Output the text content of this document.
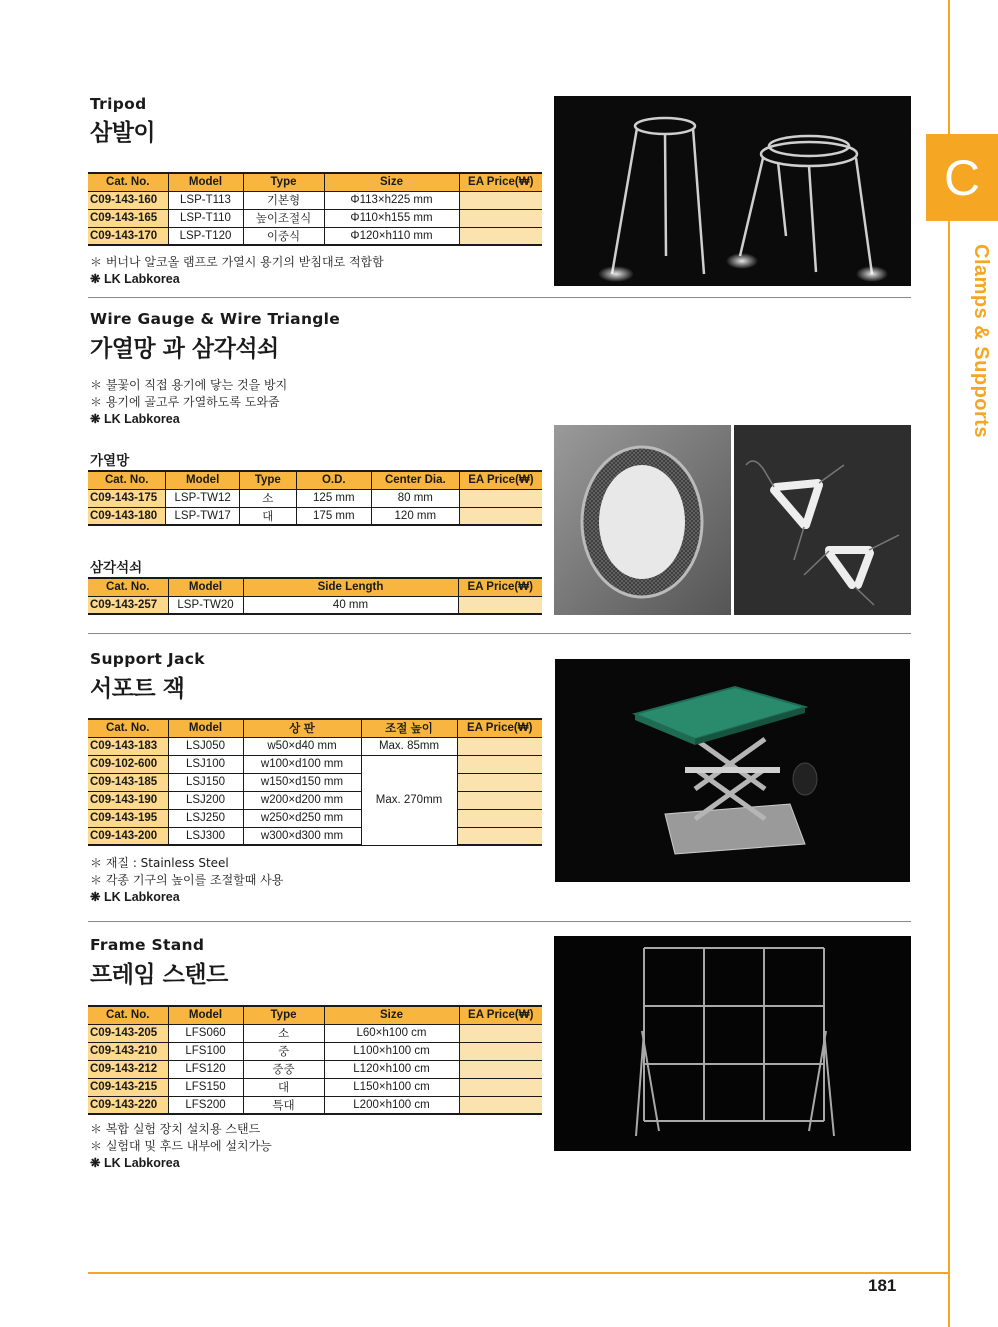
C
Clamps & Supports
Tripod
삼발이
Cat. No.	Model	Type	Size	EA Price(₩)
C09-143-160	LSP-T113	기본형	Φ113×h225 mm	
C09-143-165	LSP-T110	높이조절식	Φ110×h155 mm	
C09-143-170	LSP-T120	이중식	Φ120×h110 mm	
＊ 버너나 알코올 램프로 가열시 용기의 받침대로 적합함
❋ LK Labkorea
Wire Gauge & Wire Triangle
가열망 과 삼각석쇠
＊ 불꽃이 직접 용기에 닿는 것을 방지
＊ 용기에 골고루 가열하도록 도와줌
❋ LK Labkorea
가열망
Cat. No.	Model	Type	O.D.	Center Dia.	EA Price(₩)
C09-143-175	LSP-TW12	소	125 mm	80 mm	
C09-143-180	LSP-TW17	대	175 mm	120 mm	
삼각석쇠
Cat. No.	Model	Side Length	EA Price(₩)
C09-143-257	LSP-TW20	40 mm	
Support Jack
서포트 잭
Cat. No.	Model	상 판	조절 높이	EA Price(₩)
C09-143-183	LSJ050	w50×d40 mm	Max. 85mm	
C09-102-600	LSJ100	w100×d100 mm	Max. 270mm	
C09-143-185	LSJ150	w150×d150 mm		
C09-143-190	LSJ200	w200×d200 mm		
C09-143-195	LSJ250	w250×d250 mm		
C09-143-200	LSJ300	w300×d300 mm		
＊ 재질 : Stainless Steel
＊ 각종 기구의 높이를 조절할때 사용
❋ LK Labkorea
Frame Stand
프레임 스탠드
Cat. No.	Model	Type	Size	EA Price(₩)
C09-143-205	LFS060	소	L60×h100 cm	
C09-143-210	LFS100	중	L100×h100 cm	
C09-143-212	LFS120	중중	L120×h100 cm	
C09-143-215	LFS150	대	L150×h100 cm	
C09-143-220	LFS200	특대	L200×h100 cm	
＊ 복합 실험 장치 설치용 스탠드
＊ 실험대 및 후드 내부에 설치가능
❋ LK Labkorea
181
